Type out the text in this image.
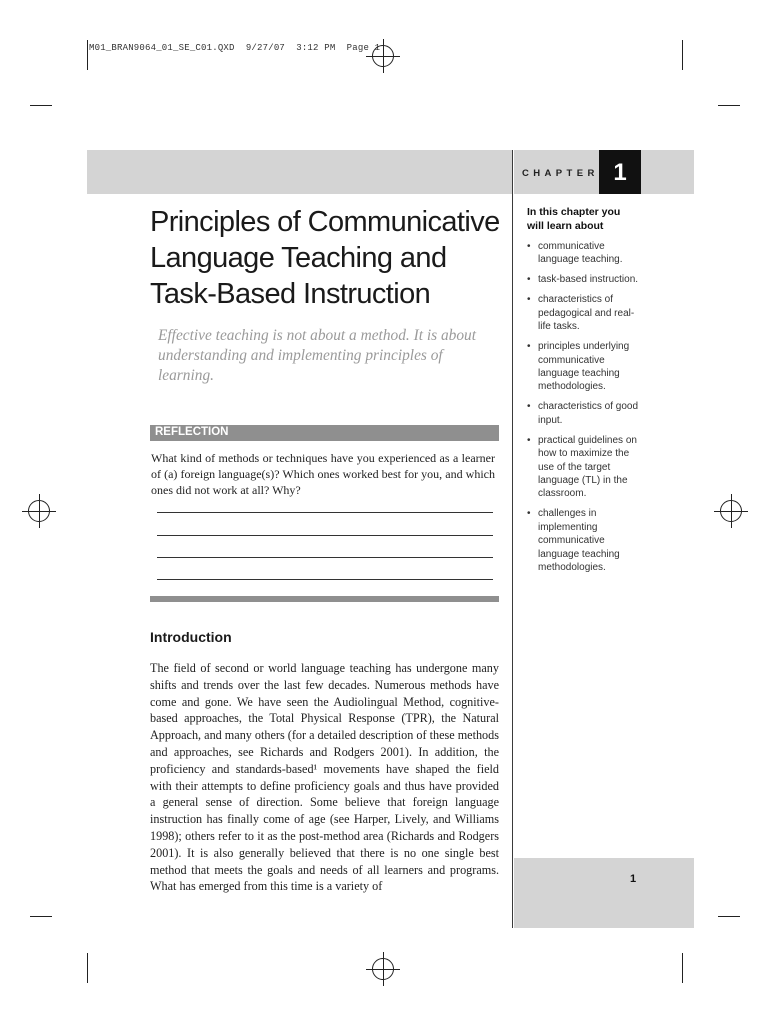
M01_BRAN9064_01_SE_C01.QXD  9/27/07  3:12 PM  Page 1
CHAPTER 1
Principles of Communicative Language Teaching and Task-Based Instruction
Effective teaching is not about a method. It is about understanding and implementing principles of learning.
REFLECTION
What kind of methods or techniques have you experienced as a learner of (a) foreign language(s)? Which ones worked best for you, and which ones did not work at all? Why?
Introduction
The field of second or world language teaching has undergone many shifts and trends over the last few decades. Numerous methods have come and gone. We have seen the Audiolingual Method, cognitive-based approaches, the Total Physical Response (TPR), the Natural Approach, and many others (for a detailed description of these methods and approaches, see Richards and Rodgers 2001). In addition, the proficiency and standards-based¹ movements have shaped the field with their attempts to define proficiency goals and thus have provided a general sense of direction. Some believe that foreign language instruction has finally come of age (see Harper, Lively, and Williams 1998); others refer to it as the post-method area (Richards and Rodgers 2001). It is also generally believed that there is no one single best method that meets the goals and needs of all learners and programs. What has emerged from this time is a variety of
In this chapter you will learn about
• communicative language teaching.
• task-based instruction.
• characteristics of pedagogical and real-life tasks.
• principles underlying communicative language teaching methodologies.
• characteristics of good input.
• practical guidelines on how to maximize the use of the target language (TL) in the classroom.
• challenges in implementing communicative language teaching methodologies.
1
